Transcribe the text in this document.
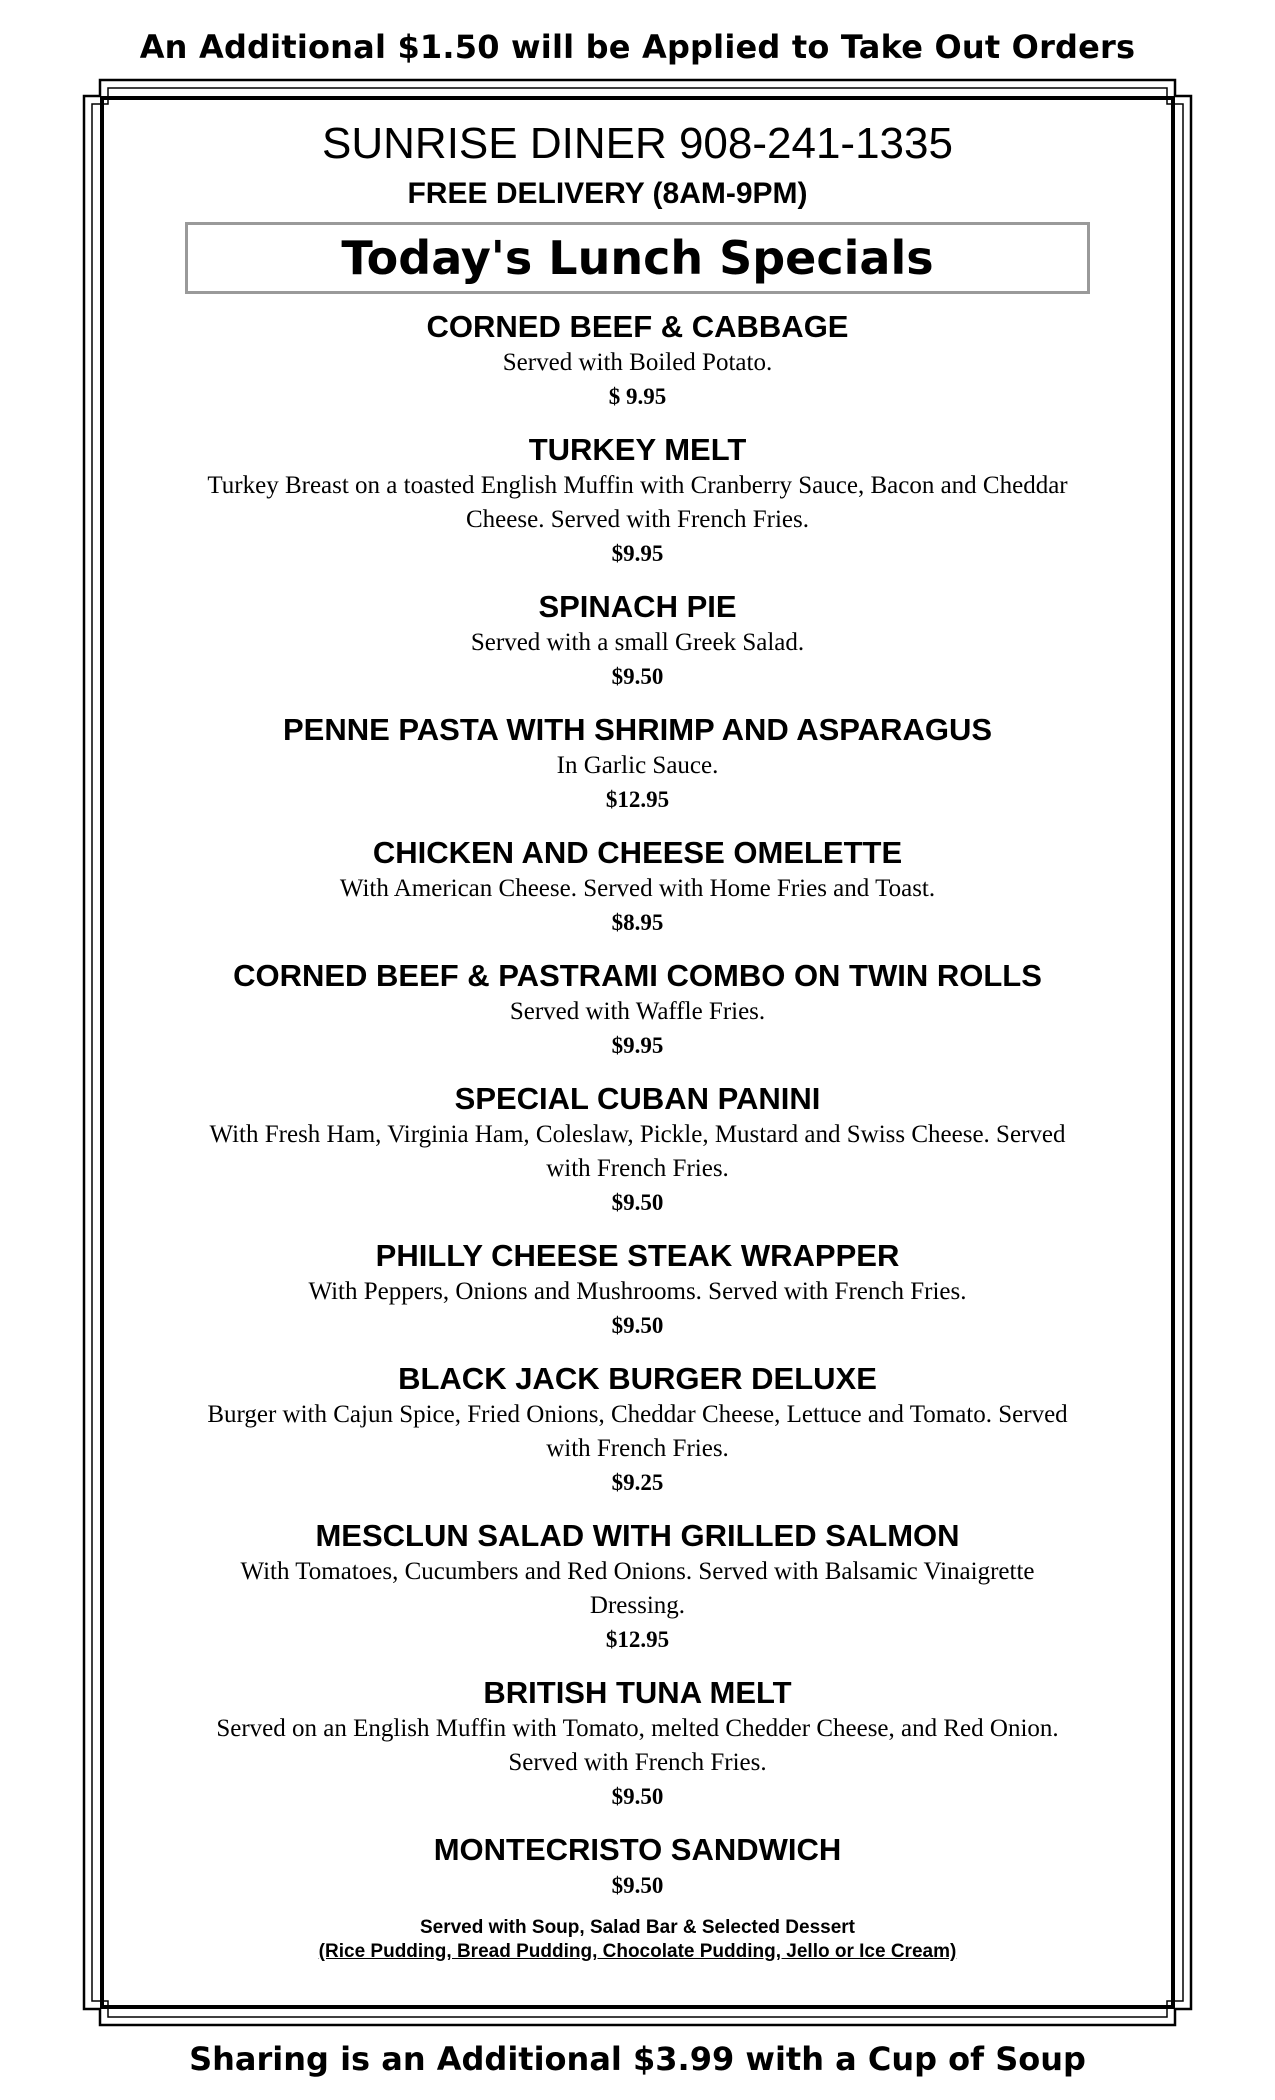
An Additional $1.50 will be Applied to Take Out Orders
SUNRISE DINER 908-241-1335
FREE DELIVERY (8AM-9PM)
Today's Lunch Specials
CORNED BEEF & CABBAGE
Served with Boiled Potato.
$ 9.95
TURKEY MELT
Turkey Breast on a toasted English Muffin with Cranberry Sauce, Bacon and Cheddar Cheese. Served with French Fries.
$9.95
SPINACH PIE
Served with a small Greek Salad.
$9.50
PENNE PASTA WITH SHRIMP AND ASPARAGUS
In Garlic Sauce.
$12.95
CHICKEN AND CHEESE OMELETTE
With American Cheese. Served with Home Fries and Toast.
$8.95
CORNED BEEF & PASTRAMI COMBO ON TWIN ROLLS
Served with Waffle Fries.
$9.95
SPECIAL CUBAN PANINI
With Fresh Ham, Virginia Ham, Coleslaw, Pickle, Mustard and Swiss Cheese. Served with French Fries.
$9.50
PHILLY CHEESE STEAK WRAPPER
With Peppers, Onions and Mushrooms. Served with French Fries.
$9.50
BLACK JACK BURGER DELUXE
Burger with Cajun Spice, Fried Onions, Cheddar Cheese, Lettuce and Tomato. Served with French Fries.
$9.25
MESCLUN SALAD WITH GRILLED SALMON
With Tomatoes, Cucumbers and Red Onions. Served with Balsamic Vinaigrette Dressing.
$12.95
BRITISH TUNA MELT
Served on an English Muffin with Tomato, melted Chedder Cheese, and Red Onion. Served with French Fries.
$9.50
MONTECRISTO SANDWICH
$9.50
Served with Soup, Salad Bar & Selected Dessert
(Rice Pudding, Bread Pudding, Chocolate Pudding, Jello or Ice Cream)
Sharing is an Additional $3.99 with a Cup of Soup
